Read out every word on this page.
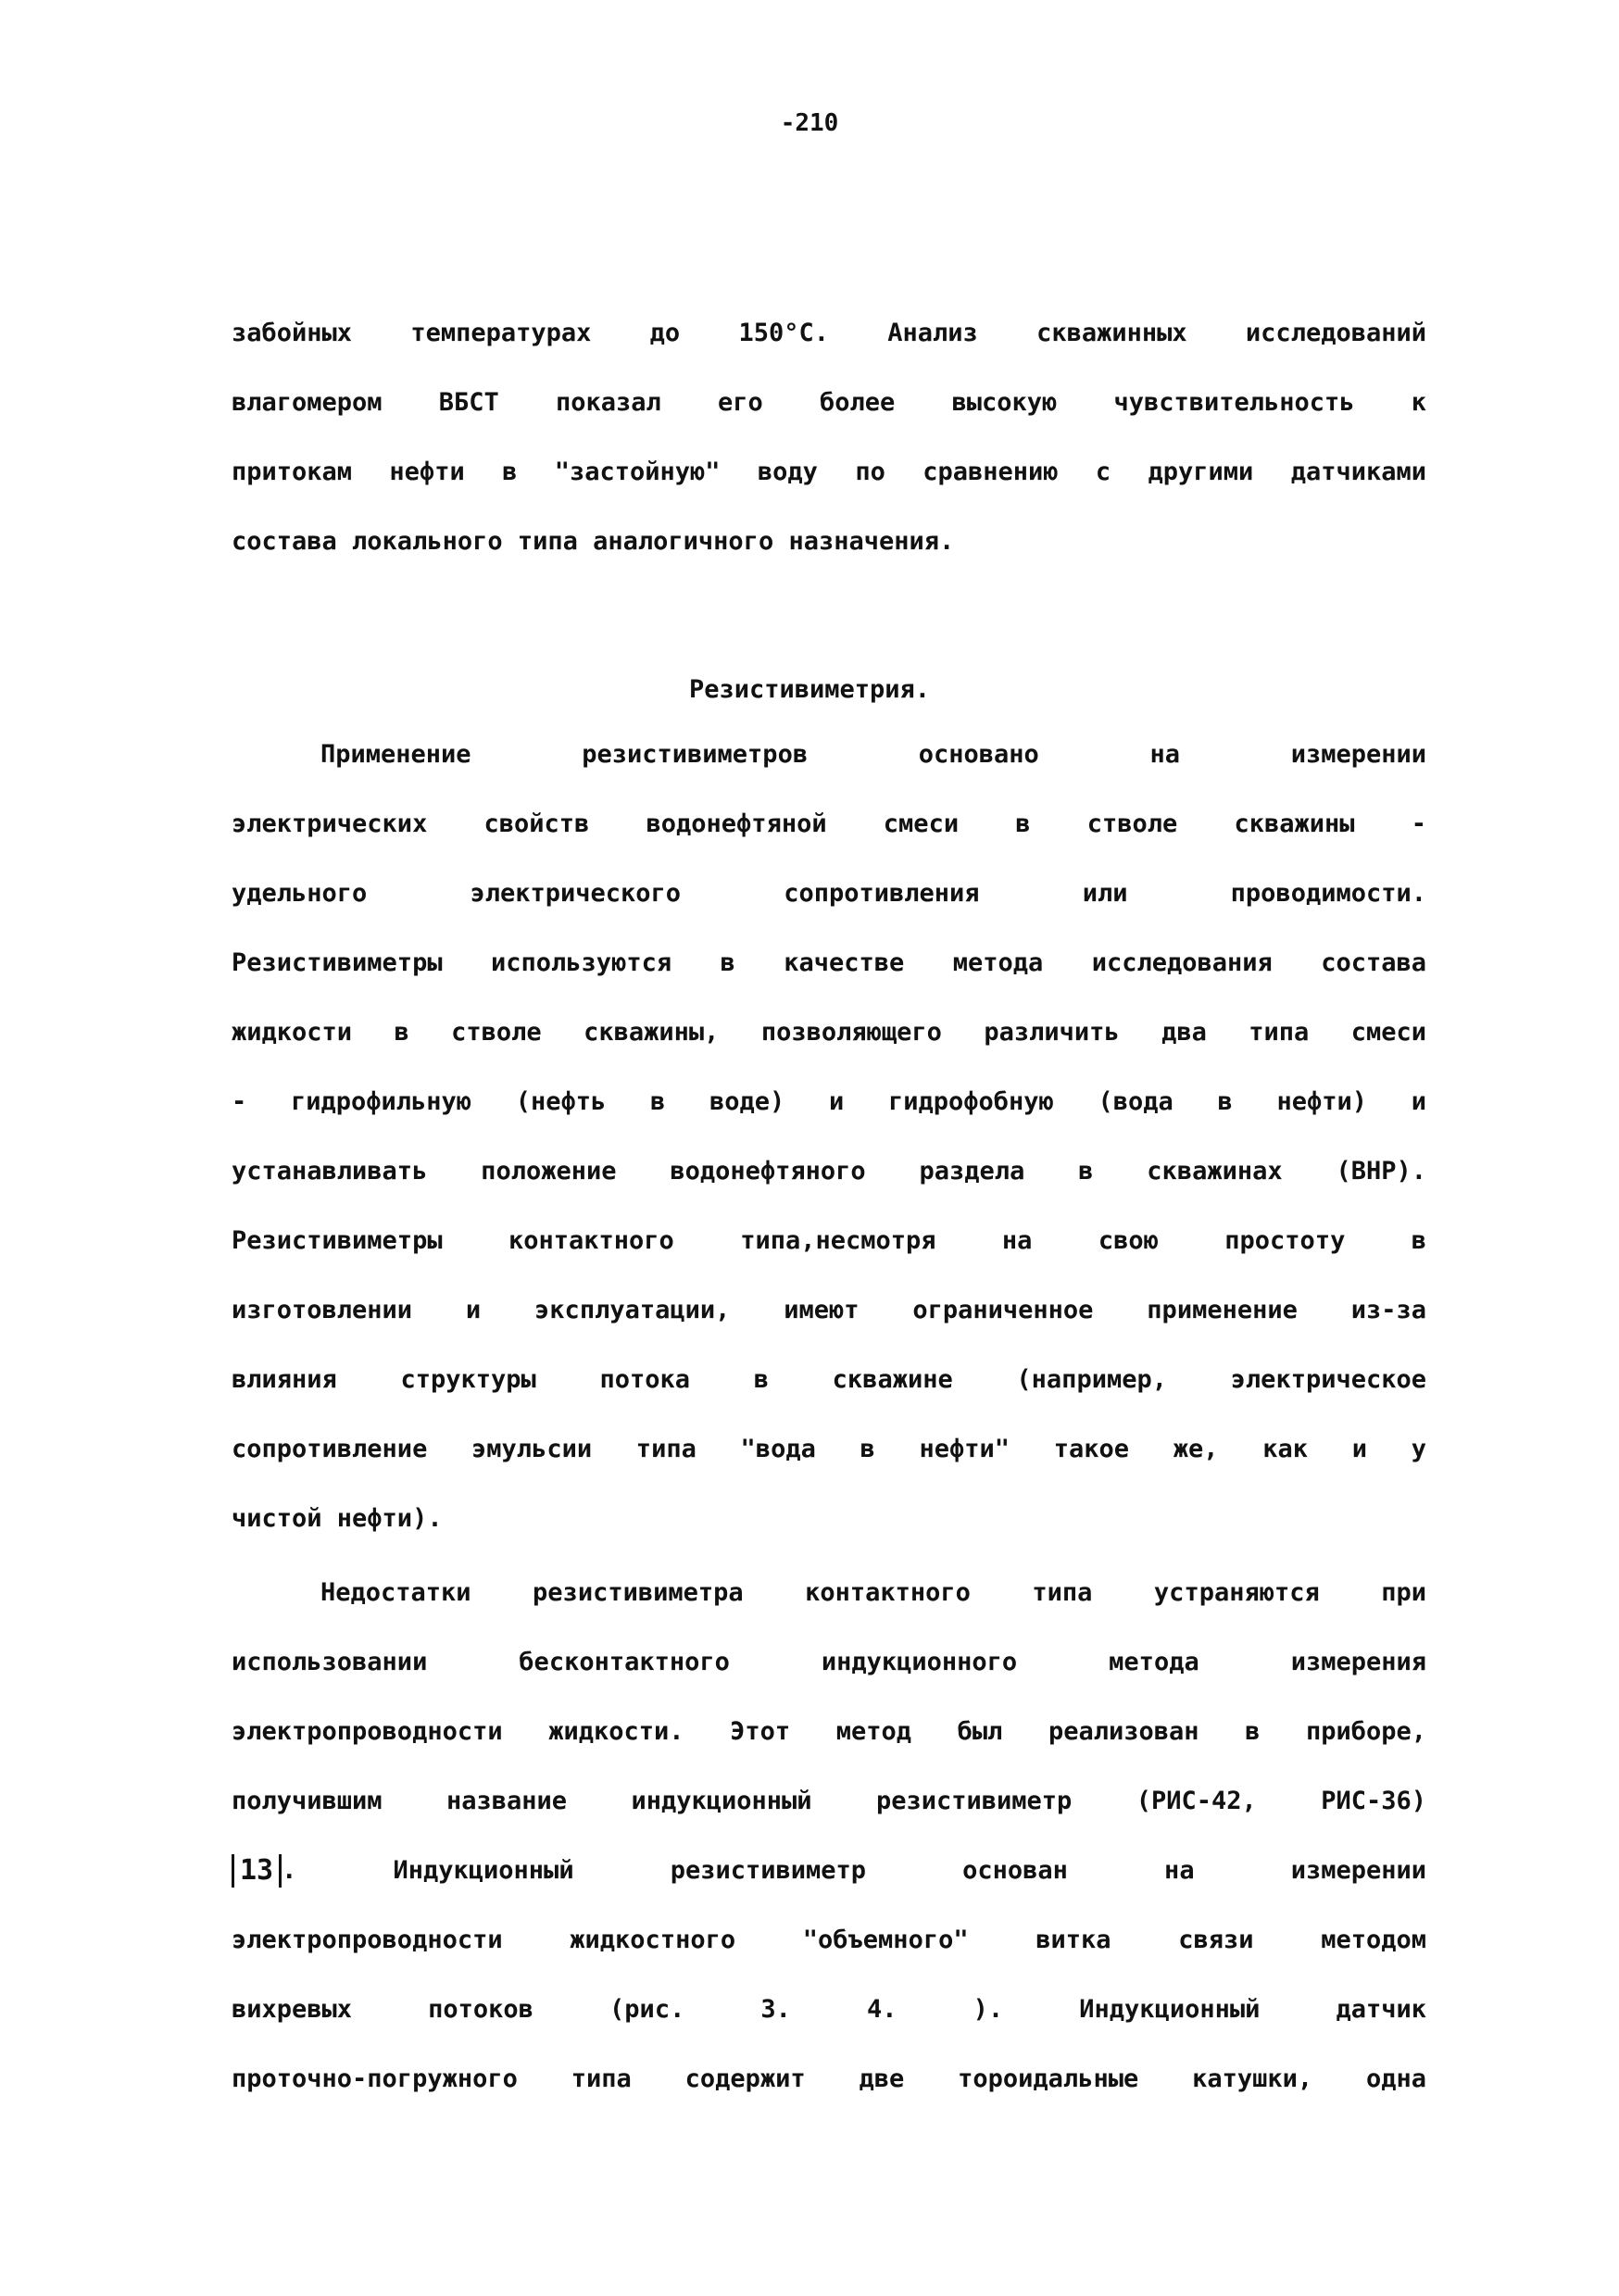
-210
забойных температурах до 150°С. Анализ скважинных исследований
влагомером ВБСТ показал его более высокую чувствительность к
притокам нефти в "застойную" воду по сравнению с другими датчиками
состава локального типа аналогичного назначения.
Резистивиметрия.
Применение резистивиметров основано на измерении
электрических свойств водонефтяной смеси в стволе скважины -
удельного электрического сопротивления или проводимости.
Резистивиметры используются в качестве метода исследования состава
жидкости в стволе скважины, позволяющего различить два типа смеси
- гидрофильную (нефть в воде) и гидрофобную (вода в нефти) и
устанавливать положение водонефтяного раздела в скважинах (ВНР).
Резистивиметры контактного типа,несмотря на свою простоту в
изготовлении и эксплуатации, имеют ограниченное применение из-за
влияния структуры потока в скважине (например, электрическое
сопротивление эмульсии типа "вода в нефти" такое же, как и у
чистой нефти).
Недостатки резистивиметра контактного типа устраняются при
использовании бесконтактного индукционного метода измерения
электропроводности жидкости. Этот метод был реализован в приборе,
получившим название индукционный резистивиметр (РИС-42, РИС-36)
13 . Индукционный резистивиметр основан на измерении
электропроводности жидкостного "объемного" витка связи методом
вихревых потоков (рис. 3. 4. ). Индукционный датчик
проточно-погружного типа содержит две тороидальные катушки, одна
